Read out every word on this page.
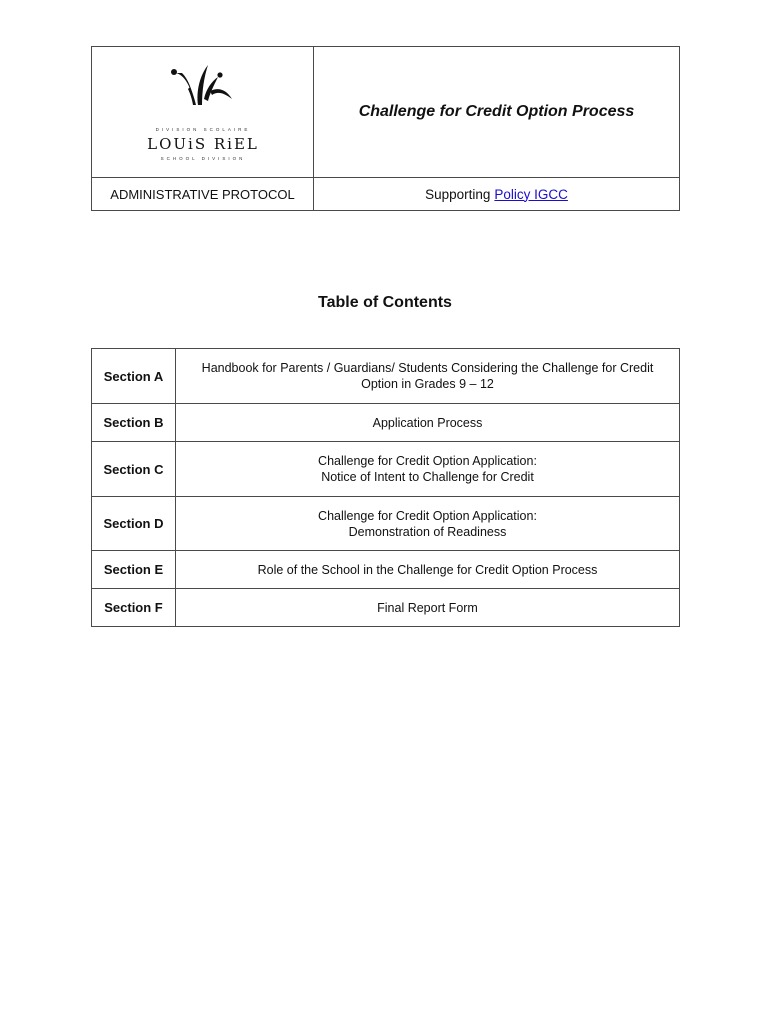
DIVISION SCOLAIRE
LOUiS RiEL
SCHOOL DIVISION
Challenge for Credit Option Process
ADMINISTRATIVE PROTOCOL	Supporting Policy IGCC
Table of Contents
Section A	Handbook for Parents / Guardians/ Students Considering the Challenge for Credit
Option in Grades 9 – 12

Section B	Application Process

Section C	Challenge for Credit Option Application:
Notice of Intent to Challenge for Credit

Section D	Challenge for Credit Option Application:
Demonstration of Readiness

Section E	Role of the School in the Challenge for Credit Option Process

Section F	Final Report Form
